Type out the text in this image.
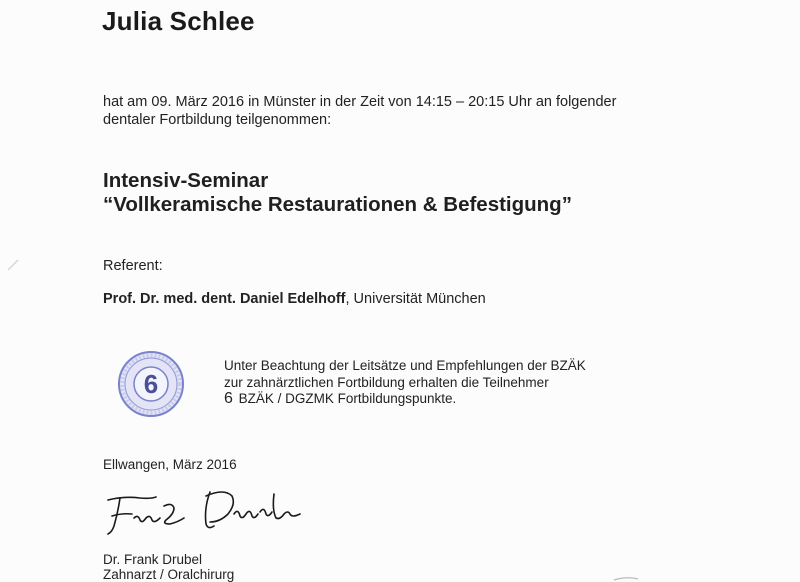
Julia Schlee
hat am 09. März 2016 in Münster in der Zeit von 14:15 – 20:15 Uhr an folgender
dentaler Fortbildung teilgenommen:
Intensiv-Seminar
“Vollkeramische Restaurationen & Befestigung”
Referent:
Prof. Dr. med. dent. Daniel Edelhoff, Universität München
6
Unter Beachtung der Leitsätze und Empfehlungen der BZÄK
zur zahnärztlichen Fortbildung erhalten die Teilnehmer
6 BZÄK / DGZMK Fortbildungspunkte.
Ellwangen, März 2016
Dr. Frank Drubel
Zahnarzt / Oralchirurg
